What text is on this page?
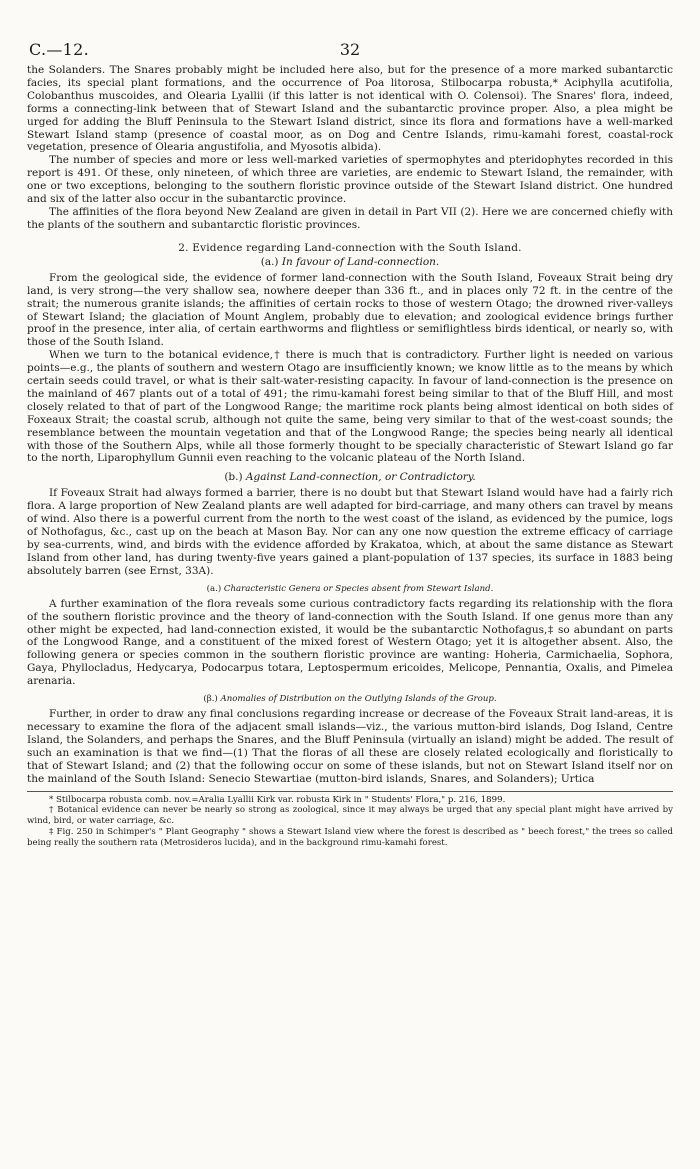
C.—12.	32

the Solanders. The Snares probably might be included here also, but for the presence of a more marked subantarctic facies, its special plant formations, and the occurrence of Poa litorosa, Stilbocarpa robusta,* Aciphylla acutifolia, Colobanthus muscoides, and Olearia Lyallii (if this latter is not identical with O. Colensoi). The Snares' flora, indeed, forms a connecting-link between that of Stewart Island and the subantarctic province proper. Also, a plea might be urged for adding the Bluff Peninsula to the Stewart Island district, since its flora and formations have a well-marked Stewart Island stamp (presence of coastal moor, as on Dog and Centre Islands, rimu-kamahi forest, coastal-rock vegetation, presence of Olearia angustifolia, and Myosotis albida).

The number of species and more or less well-marked varieties of spermophytes and pteridophytes recorded in this report is 491. Of these, only nineteen, of which three are varieties, are endemic to Stewart Island, the remainder, with one or two exceptions, belonging to the southern floristic province outside of the Stewart Island district. One hundred and six of the latter also occur in the subantarctic province.

The affinities of the flora beyond New Zealand are given in detail in Part VII (2). Here we are concerned chiefly with the plants of the southern and subantarctic floristic provinces.

2. Evidence regarding Land-connection with the South Island.
(a.) In favour of Land-connection.

From the geological side, the evidence of former land-connection with the South Island, Foveaux Strait being dry land, is very strong—the very shallow sea, nowhere deeper than 336 ft., and in places only 72 ft. in the centre of the strait; the numerous granite islands; the affinities of certain rocks to those of western Otago; the drowned river-valleys of Stewart Island; the glaciation of Mount Anglem, probably due to elevation; and zoological evidence brings further proof in the presence, inter alia, of certain earthworms and flightless or semiflightless birds identical, or nearly so, with those of the South Island.

When we turn to the botanical evidence,† there is much that is contradictory. Further light is needed on various points—e.g., the plants of southern and western Otago are insufficiently known; we know little as to the means by which certain seeds could travel, or what is their salt-water-resisting capacity. In favour of land-connection is the presence on the mainland of 467 plants out of a total of 491; the rimu-kamahi forest being similar to that of the Bluff Hill, and most closely related to that of part of the Longwood Range; the maritime rock plants being almost identical on both sides of Foxeaux Strait; the coastal scrub, although not quite the same, being very similar to that of the west-coast sounds; the resemblance between the mountain vegetation and that of the Longwood Range; the species being nearly all identical with those of the Southern Alps, while all those formerly thought to be specially characteristic of Stewart Island go far to the north, Liparophyllum Gunnii even reaching to the volcanic plateau of the North Island.

(b.) Against Land-connection, or Contradictory.

If Foveaux Strait had always formed a barrier, there is no doubt but that Stewart Island would have had a fairly rich flora. A large proportion of New Zealand plants are well adapted for bird-carriage, and many others can travel by means of wind. Also there is a powerful current from the north to the west coast of the island, as evidenced by the pumice, logs of Nothofagus, &c., cast up on the beach at Mason Bay. Nor can any one now question the extreme efficacy of carriage by sea-currents, wind, and birds with the evidence afforded by Krakatoa, which, at about the same distance as Stewart Island from other land, has during twenty-five years gained a plant-population of 137 species, its surface in 1883 being absolutely barren (see Ernst, 33A).

(a.) Characteristic Genera or Species absent from Stewart Island.

A further examination of the flora reveals some curious contradictory facts regarding its relationship with the flora of the southern floristic province and the theory of land-connection with the South Island. If one genus more than any other might be expected, had land-connection existed, it would be the subantarctic Nothofagus,‡ so abundant on parts of the Longwood Range, and a constituent of the mixed forest of Western Otago; yet it is altogether absent. Also, the following genera or species common in the southern floristic province are wanting: Hoheria, Carmichaelia, Sophora, Gaya, Phyllocladus, Hedycarya, Podocarpus totara, Leptospermum ericoides, Melicope, Pennantia, Oxalis, and Pimelea arenaria.

(β.) Anomalies of Distribution on the Outlying Islands of the Group.

Further, in order to draw any final conclusions regarding increase or decrease of the Foveaux Strait land-areas, it is necessary to examine the flora of the adjacent small islands—viz., the various mutton-bird islands, Dog Island, Centre Island, the Solanders, and perhaps the Snares, and the Bluff Peninsula (virtually an island) might be added. The result of such an examination is that we find—(1) That the floras of all these are closely related ecologically and floristically to that of Stewart Island; and (2) that the following occur on some of these islands, but not on Stewart Island itself nor on the mainland of the South Island: Senecio Stewartiae (mutton-bird islands, Snares, and Solanders); Urtica

* Stilbocarpa robusta comb. nov.=Aralia Lyallii Kirk var. robusta Kirk in " Students' Flora," p. 216, 1899.

† Botanical evidence can never be nearly so strong as zoological, since it may always be urged that any special plant might have arrived by wind, bird, or water carriage, &c.

‡ Fig. 250 in Schimper's " Plant Geography " shows a Stewart Island view where the forest is described as " beech forest," the trees so called being really the southern rata (Metrosideros lucida), and in the background rimu-kamahi forest.
